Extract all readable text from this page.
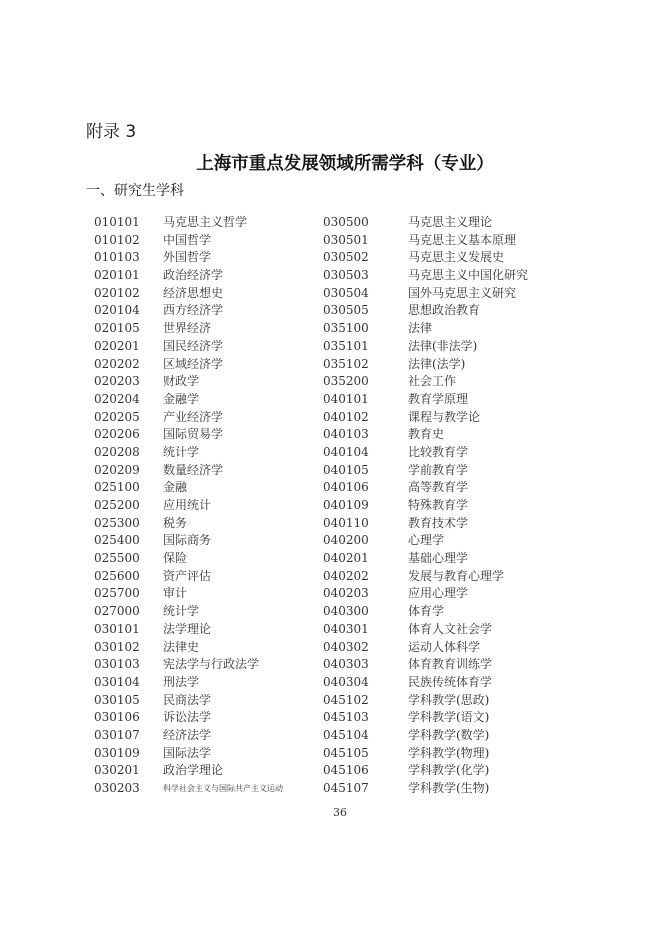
附录 3
上海市重点发展领域所需学科（专业）
一、研究生学科
010101	马克思主义哲学	030500	马克思主义理论
010102	中国哲学	030501	马克思主义基本原理
010103	外国哲学	030502	马克思主义发展史
020101	政治经济学	030503	马克思主义中国化研究
020102	经济思想史	030504	国外马克思主义研究
020104	西方经济学	030505	思想政治教育
020105	世界经济	035100	法律
020201	国民经济学	035101	法律(非法学)
020202	区域经济学	035102	法律(法学)
020203	财政学	035200	社会工作
020204	金融学	040101	教育学原理
020205	产业经济学	040102	课程与教学论
020206	国际贸易学	040103	教育史
020208	统计学	040104	比较教育学
020209	数量经济学	040105	学前教育学
025100	金融	040106	高等教育学
025200	应用统计	040109	特殊教育学
025300	税务	040110	教育技术学
025400	国际商务	040200	心理学
025500	保险	040201	基础心理学
025600	资产评估	040202	发展与教育心理学
025700	审计	040203	应用心理学
027000	统计学	040300	体育学
030101	法学理论	040301	体育人文社会学
030102	法律史	040302	运动人体科学
030103	宪法学与行政法学	040303	体育教育训练学
030104	刑法学	040304	民族传统体育学
030105	民商法学	045102	学科教学(思政)
030106	诉讼法学	045103	学科教学(语文)
030107	经济法学	045104	学科教学(数学)
030109	国际法学	045105	学科教学(物理)
030201	政治学理论	045106	学科教学(化学)
030203	科学社会主义与国际共产主义运动	045107	学科教学(生物)
36
